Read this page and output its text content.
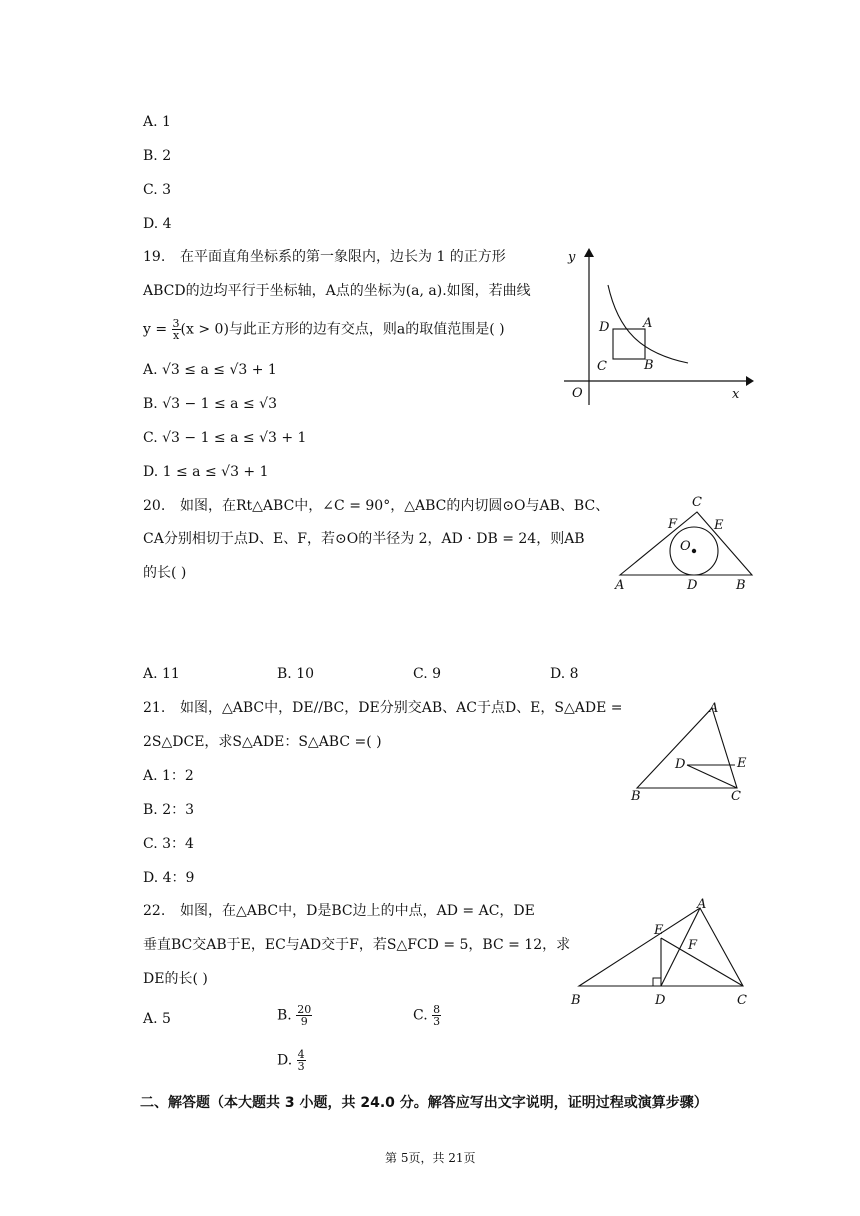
A. 1
B. 2
C. 3
D. 4
19. 在平面直角坐标系的第一象限内，边长为 1 的正方形
ABCD的边均平行于坐标轴，A点的坐标为(a, a).如图，若曲线
$y = \frac{3}{x} (x > 0)$与此正方形的边有交点，则a的取值范围是( )
A. √3 ≤ a ≤ √3 + 1
B. √3 − 1 ≤ a ≤ √3
C. √3 − 1 ≤ a ≤ √3 + 1
D. 1 ≤ a ≤ √3 + 1
y
x
O
D	A
C	B
20. 如图，在Rt△ABC中，∠C = 90°，△ABC的内切圆⊙O与AB、BC、
CA分别相切于点D、E、F，若⊙O的半径为 2，AD · DB = 24，则AB
的长( )
A. 11	B. 10	C. 9	D. 8
C
F	E
O
A	D	B
21. 如图，△ABC中，DE//BC，DE分别交AB、AC于点D、E，S△ADE =
2S△DCE，求S△ADE：S△ABC =( )
A. 1：2
B. 2：3
C. 3：4
D. 4：9
A
D	E
B	C
22. 如图，在△ABC中，D是BC边上的中点，AD = AC，DE
垂直BC交AB于E，EC与AD交于F，若S△FCD = 5，BC = 12，求
DE的长( )
A. 5	B. $\frac{20}{9}$	C. $\frac{8}{3}$
D. $\frac{4}{3}$
A
E
F
B	D	C
二、解答题（本大题共 3 小题，共 24.0 分。解答应写出文字说明，证明过程或演算步骤）
第 5页，共 21页
